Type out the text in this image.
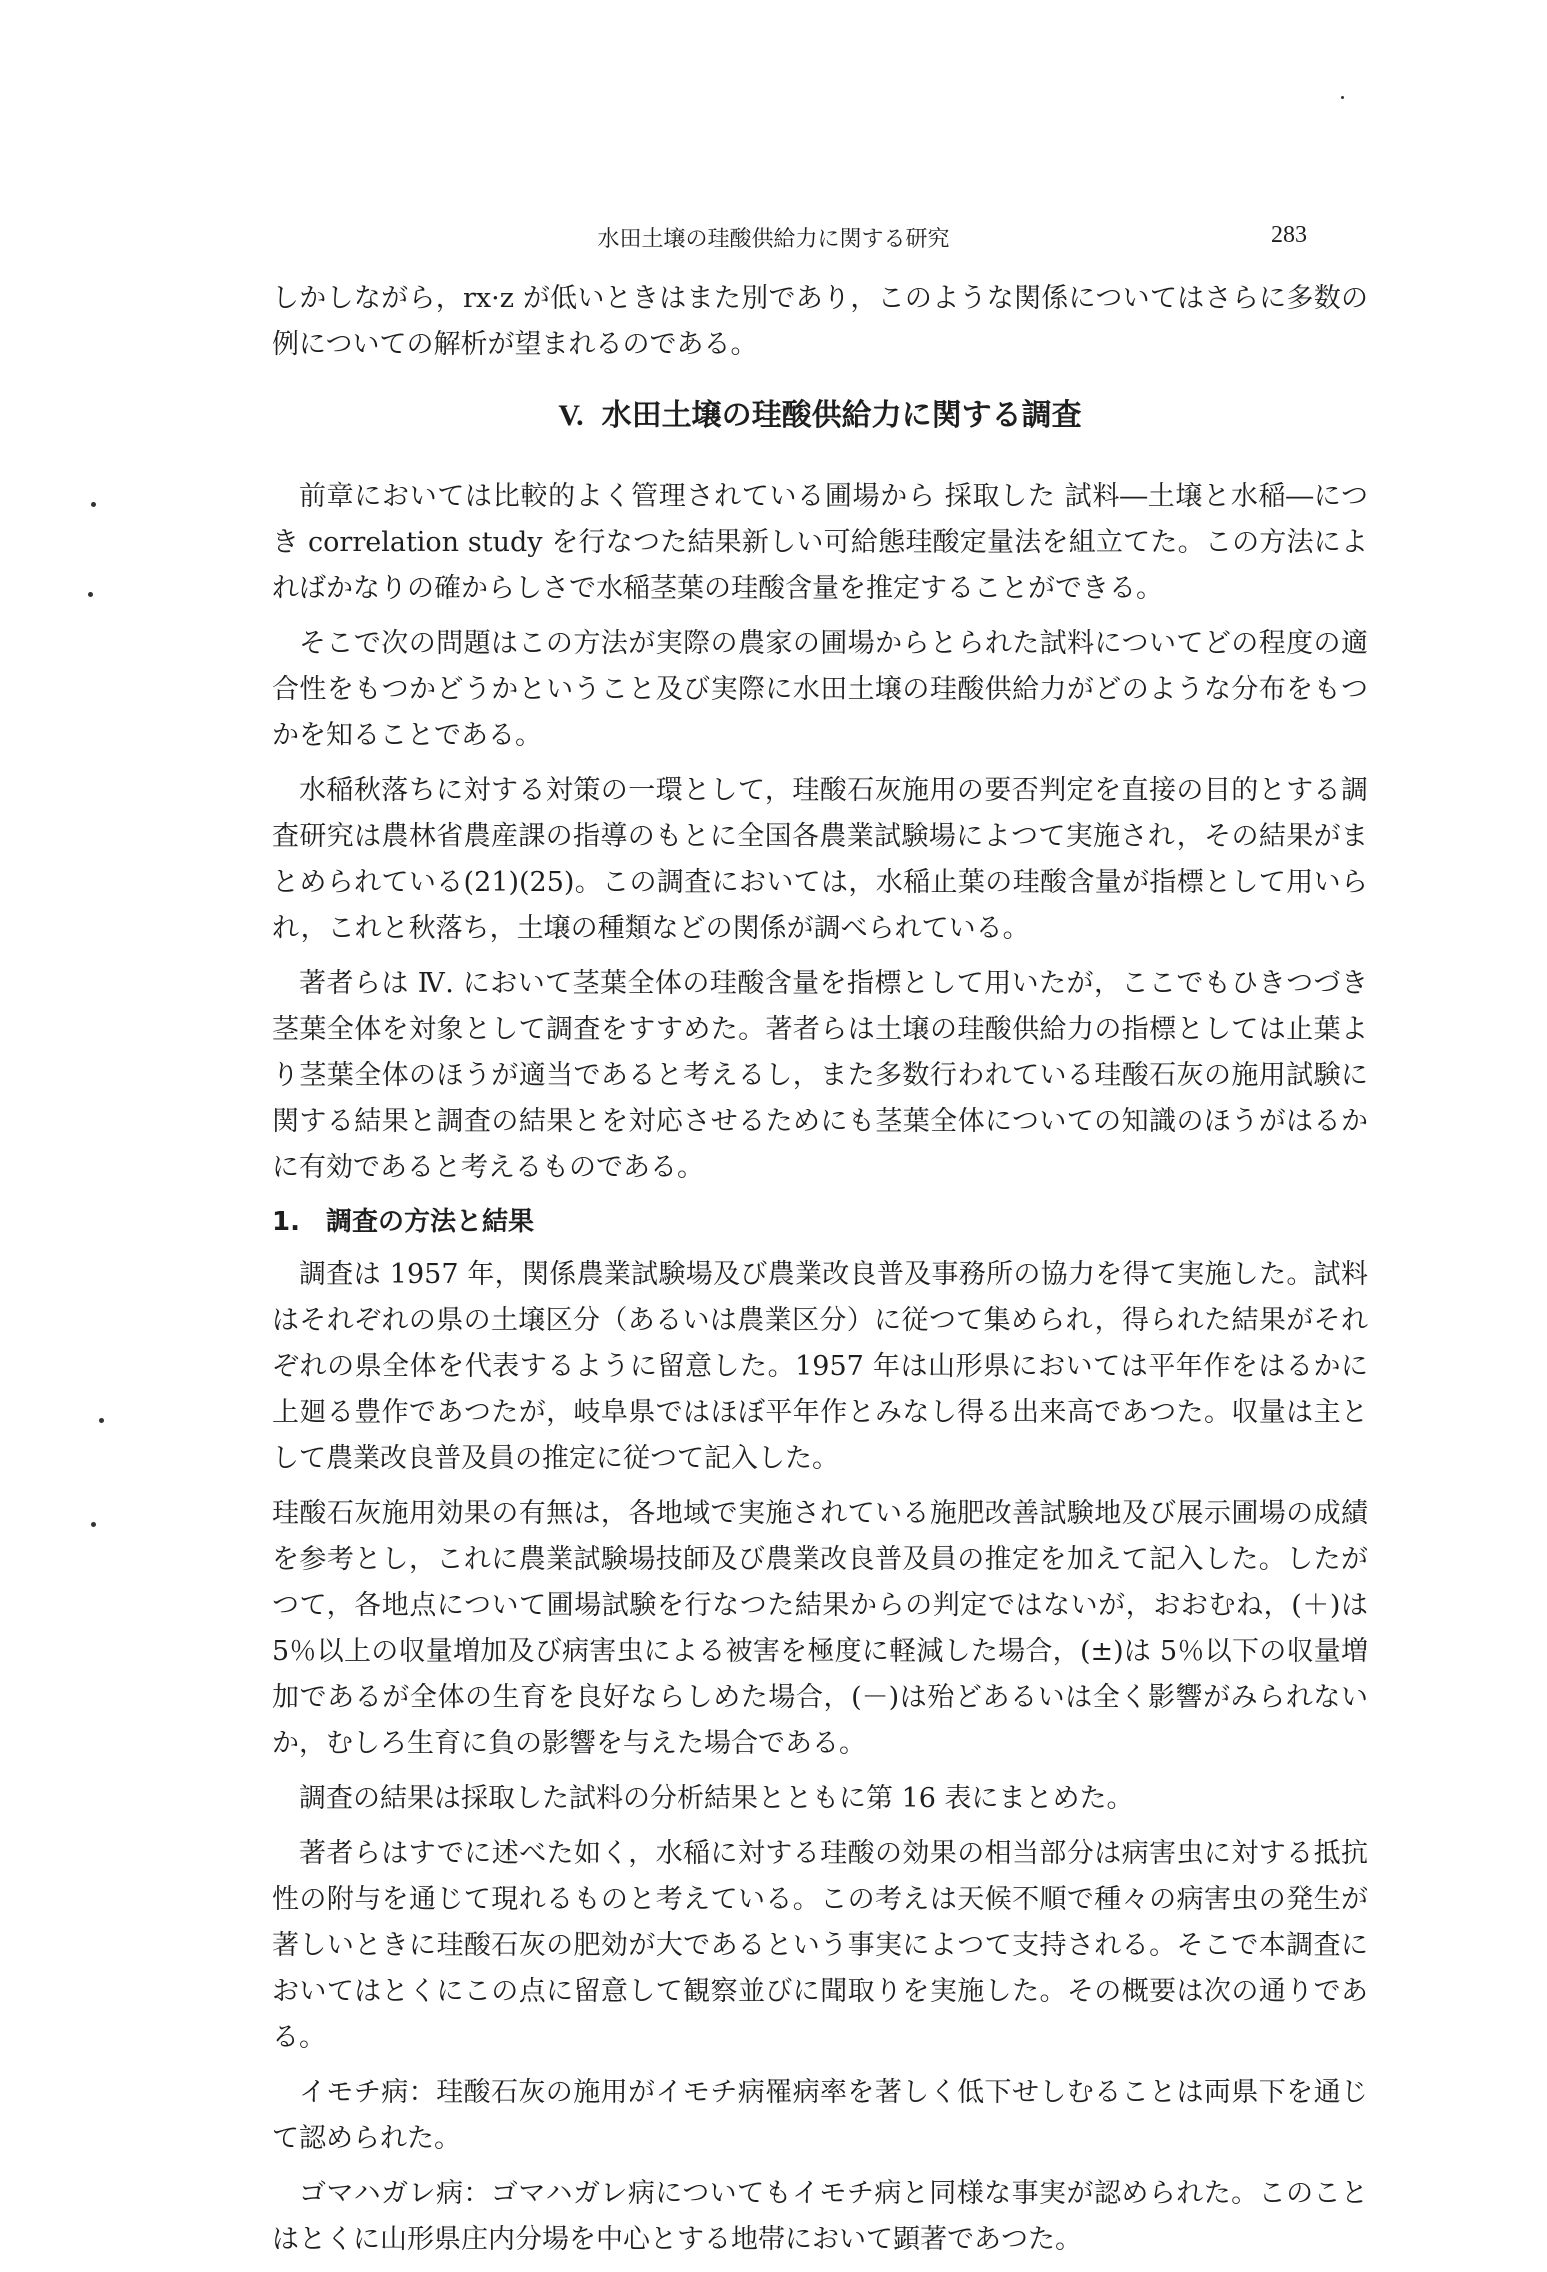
水田土壌の珪酸供給力に関する研究	283

しかしながら，rx·z が低いときはまた別であり，このような関係についてはさらに多数の例についての解析が望まれるのである。

V. 水田土壌の珪酸供給力に関する調査

前章においては比較的よく管理されている圃場から 採取した 試料―土壌と水稲―につき correlation study を行なつた結果新しい可給態珪酸定量法を組立てた。この方法によればかなりの確からしさで水稲茎葉の珪酸含量を推定することができる。

そこで次の問題はこの方法が実際の農家の圃場からとられた試料についてどの程度の適合性をもつかどうかということ及び実際に水田土壌の珪酸供給力がどのような分布をもつかを知ることである。

水稲秋落ちに対する対策の一環として，珪酸石灰施用の要否判定を直接の目的とする調査研究は農林省農産課の指導のもとに全国各農業試験場によつて実施され，その結果がまとめられている(21)(25)。この調査においては，水稲止葉の珪酸含量が指標として用いられ，これと秋落ち，土壌の種類などの関係が調べられている。

著者らは Ⅳ. において茎葉全体の珪酸含量を指標として用いたが，ここでもひきつづき茎葉全体を対象として調査をすすめた。著者らは土壌の珪酸供給力の指標としては止葉より茎葉全体のほうが適当であると考えるし，また多数行われている珪酸石灰の施用試験に関する結果と調査の結果とを対応させるためにも茎葉全体についての知識のほうがはるかに有効であると考えるものである。

1. 調査の方法と結果

調査は 1957 年，関係農業試験場及び農業改良普及事務所の協力を得て実施した。試料はそれぞれの県の土壌区分（あるいは農業区分）に従つて集められ，得られた結果がそれぞれの県全体を代表するように留意した。1957 年は山形県においては平年作をはるかに上廻る豊作であつたが，岐阜県ではほぼ平年作とみなし得る出来高であつた。収量は主として農業改良普及員の推定に従つて記入した。

珪酸石灰施用効果の有無は，各地域で実施されている施肥改善試験地及び展示圃場の成績を参考とし，これに農業試験場技師及び農業改良普及員の推定を加えて記入した。したがつて，各地点について圃場試験を行なつた結果からの判定ではないが，おおむね，(＋)は 5％以上の収量増加及び病害虫による被害を極度に軽減した場合，(±)は 5％以下の収量増加であるが全体の生育を良好ならしめた場合，(－)は殆どあるいは全く影響がみられないか，むしろ生育に負の影響を与えた場合である。

調査の結果は採取した試料の分析結果とともに第 16 表にまとめた。

著者らはすでに述べた如く，水稲に対する珪酸の効果の相当部分は病害虫に対する抵抗性の附与を通じて現れるものと考えている。この考えは天候不順で種々の病害虫の発生が著しいときに珪酸石灰の肥効が大であるという事実によつて支持される。そこで本調査においてはとくにこの点に留意して観察並びに聞取りを実施した。その概要は次の通りである。

イモチ病：珪酸石灰の施用がイモチ病罹病率を著しく低下せしむることは両県下を通じて認められた。

ゴマハガレ病：ゴマハガレ病についてもイモチ病と同様な事実が認められた。このことはとくに山形県庄内分場を中心とする地帯において顕著であつた。
